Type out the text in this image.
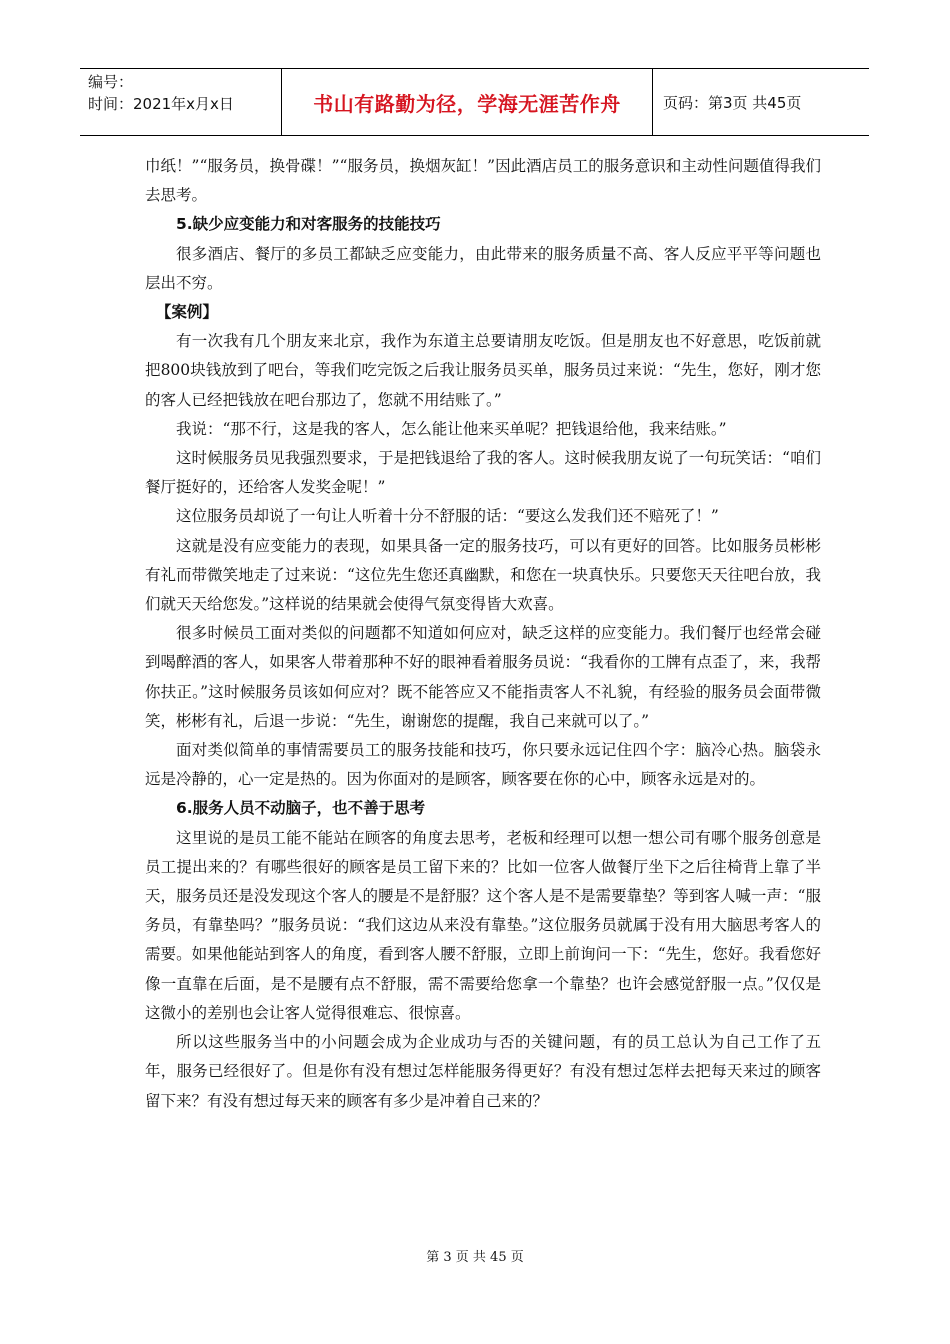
编号：
时间：2021年x月x日	书山有路勤为径，学海无涯苦作舟	页码：第3页 共45页

巾纸！”“服务员，换骨碟！”“服务员，换烟灰缸！”因此酒店员工的服务意识和主动性问题值得我们去思考。

5.缺少应变能力和对客服务的技能技巧

很多酒店、餐厅的多员工都缺乏应变能力，由此带来的服务质量不高、客人反应平平等问题也层出不穷。

【案例】

有一次我有几个朋友来北京，我作为东道主总要请朋友吃饭。但是朋友也不好意思，吃饭前就把800块钱放到了吧台，等我们吃完饭之后我让服务员买单，服务员过来说：“先生，您好，刚才您的客人已经把钱放在吧台那边了，您就不用结账了。”

我说：“那不行，这是我的客人，怎么能让他来买单呢？把钱退给他，我来结账。”

这时候服务员见我强烈要求，于是把钱退给了我的客人。这时候我朋友说了一句玩笑话：“咱们餐厅挺好的，还给客人发奖金呢！”

这位服务员却说了一句让人听着十分不舒服的话：“要这么发我们还不赔死了！”

这就是没有应变能力的表现，如果具备一定的服务技巧，可以有更好的回答。比如服务员彬彬有礼而带微笑地走了过来说：“这位先生您还真幽默，和您在一块真快乐。只要您天天往吧台放，我们就天天给您发。”这样说的结果就会使得气氛变得皆大欢喜。

很多时候员工面对类似的问题都不知道如何应对，缺乏这样的应变能力。我们餐厅也经常会碰到喝醉酒的客人，如果客人带着那种不好的眼神看着服务员说：“我看你的工牌有点歪了，来，我帮你扶正。”这时候服务员该如何应对？既不能答应又不能指责客人不礼貌，有经验的服务员会面带微笑，彬彬有礼，后退一步说：“先生，谢谢您的提醒，我自己来就可以了。”

面对类似简单的事情需要员工的服务技能和技巧，你只要永远记住四个字：脑冷心热。脑袋永远是冷静的，心一定是热的。因为你面对的是顾客，顾客要在你的心中，顾客永远是对的。

6.服务人员不动脑子，也不善于思考

这里说的是员工能不能站在顾客的角度去思考，老板和经理可以想一想公司有哪个服务创意是员工提出来的？有哪些很好的顾客是员工留下来的？比如一位客人做餐厅坐下之后往椅背上靠了半天，服务员还是没发现这个客人的腰是不是舒服？这个客人是不是需要靠垫？等到客人喊一声：“服务员，有靠垫吗？”服务员说：“我们这边从来没有靠垫。”这位服务员就属于没有用大脑思考客人的需要。如果他能站到客人的角度，看到客人腰不舒服，立即上前询问一下：“先生，您好。我看您好像一直靠在后面，是不是腰有点不舒服，需不需要给您拿一个靠垫？也许会感觉舒服一点。”仅仅是这微小的差别也会让客人觉得很难忘、很惊喜。

所以这些服务当中的小问题会成为企业成功与否的关键问题，有的员工总认为自己工作了五年，服务已经很好了。但是你有没有想过怎样能服务得更好？有没有想过怎样去把每天来过的顾客留下来？有没有想过每天来的顾客有多少是冲着自己来的？

第 3 页 共 45 页
